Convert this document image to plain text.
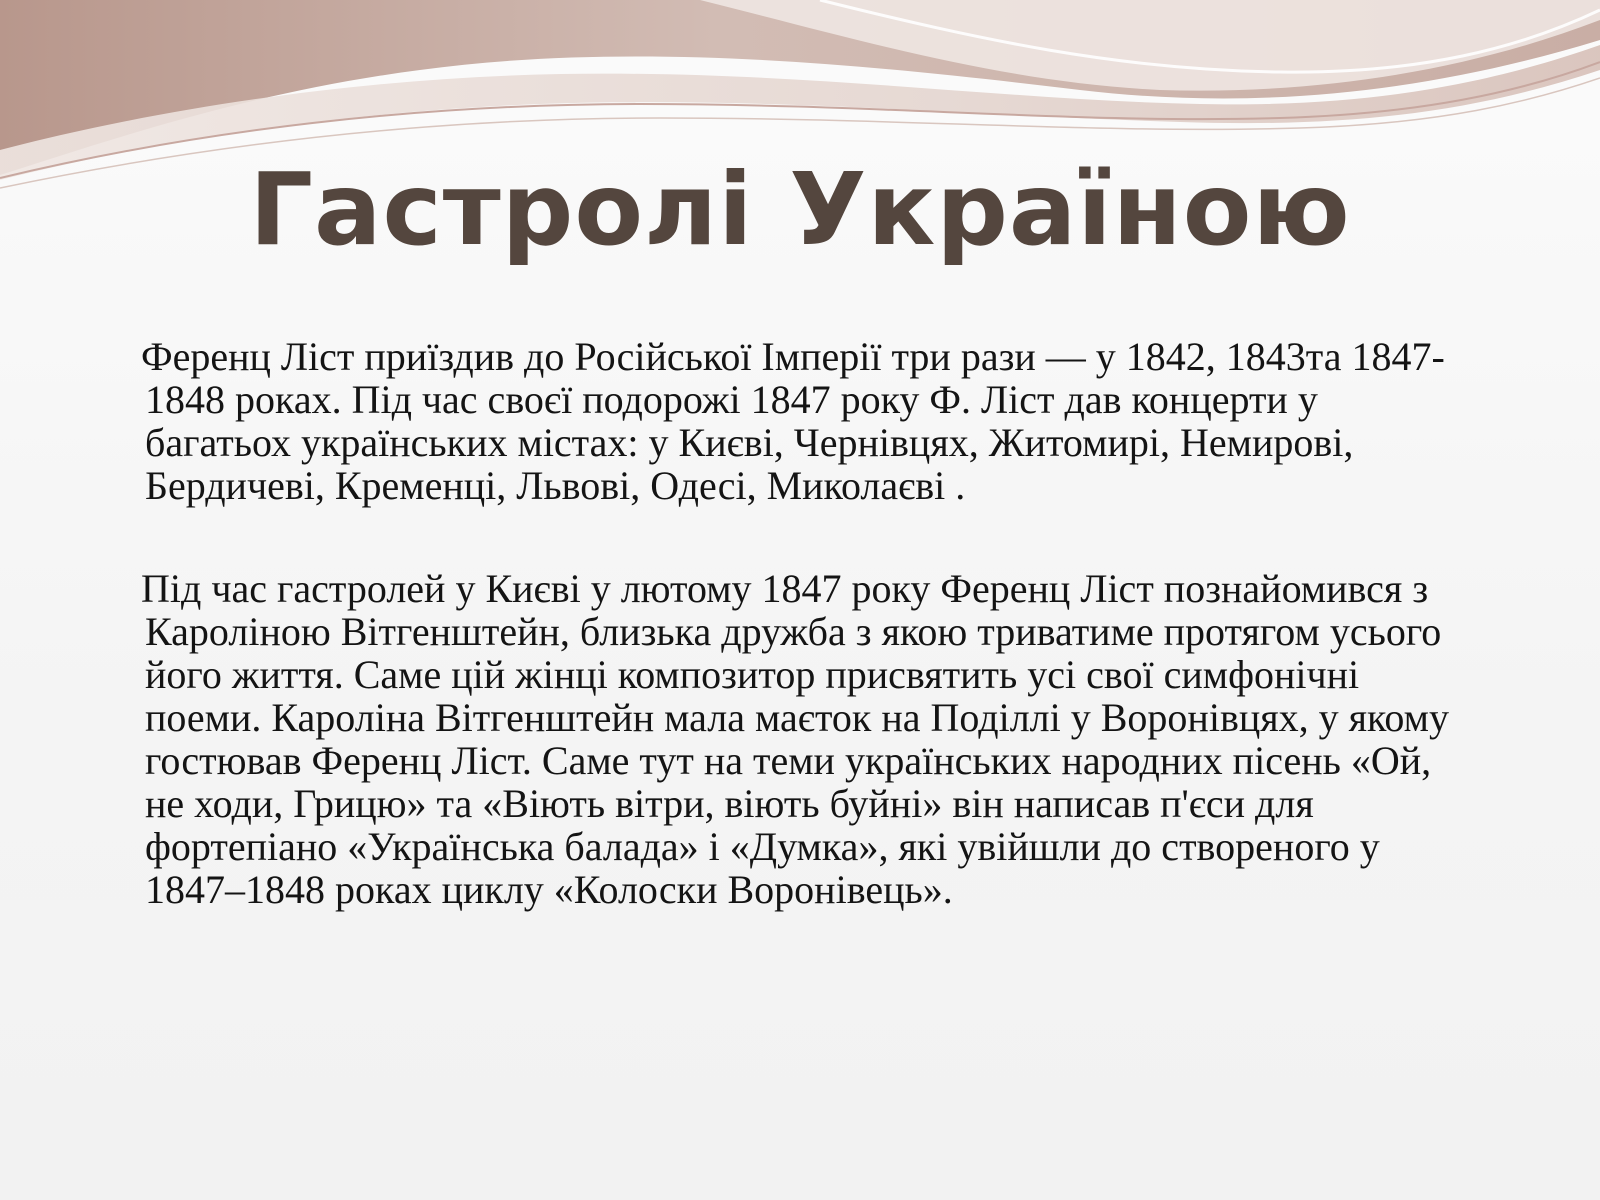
Гастролі Україною

Ференц Ліст приїздив до Російської Імперії три рази — у 1842, 1843та 1847-1848 роках. Під час своєї подорожі 1847 року Ф. Ліст дав концерти у багатьох українських містах: у Києві, Чернівцях, Житомирі, Немирові, Бердичеві, Кременці, Львові, Одесі, Миколаєві .

Під час гастролей у Києві у лютому 1847 року Ференц Ліст познайомився з Кароліною Вітгенштейн, близька дружба з якою триватиме протягом усього його життя. Саме цій жінці композитор присвятить усі свої симфонічні поеми. Кароліна Вітгенштейн мала маєток на Поділлі у Воронівцях, у якому гостював Ференц Ліст. Саме тут на теми українських народних пісень «Ой, не ходи, Грицю» та «Віють вітри, віють буйні» він написав п'єси для фортепіано «Українська балада» і «Думка», які увійшли до створеного у 1847–1848 роках циклу «Колоски Воронівець».
